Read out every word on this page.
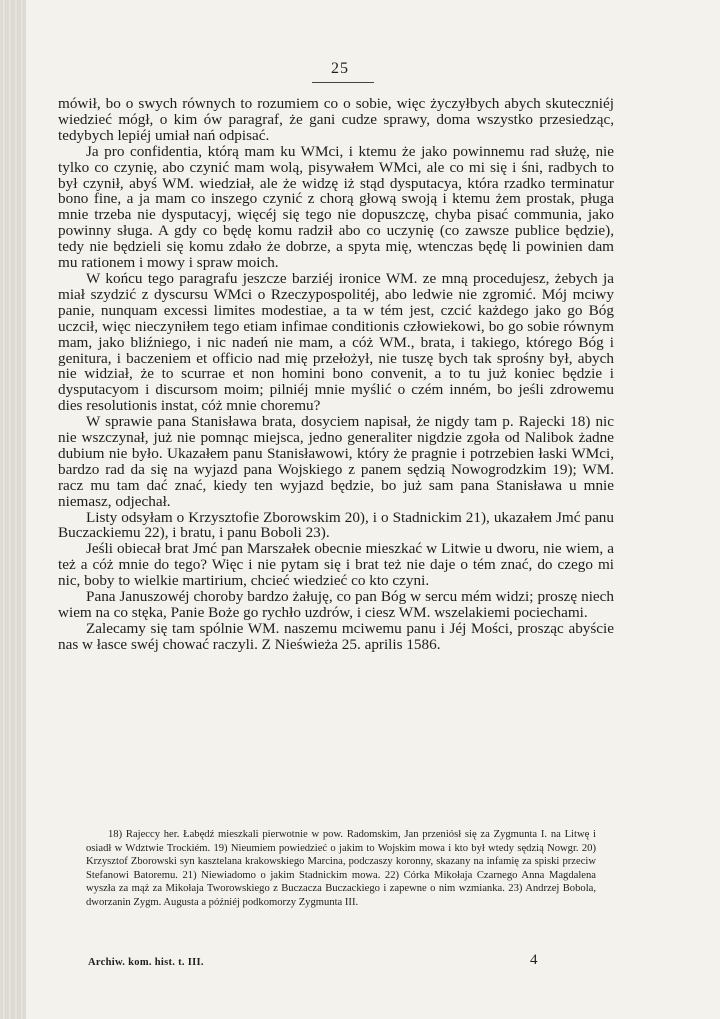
25

mówił, bo o swych równych to rozumiem co o sobie, więc życzyłbych abych skuteczniéj wiedzieć mógł, o kim ów paragraf, że gani cudze sprawy, doma wszystko przesiedząc, tedybych lepiéj umiał nań odpisać.

Ja pro confidentia, którą mam ku WMci, i ktemu że jako powinnemu rad służę, nie tylko co czynię, abo czynić mam wolą, pisywałem WMci, ale co mi się i śni, radbych to był czynił, abyś WM. wiedział, ale że widzę iż stąd dysputacya, która rzadko terminatur bono fine, a ja mam co inszego czynić z chorą głową swoją i ktemu żem prostak, pługa mnie trzeba nie dysputacyj, więcéj się tego nie dopuszczę, chyba pisać communia, jako powinny sługa. A gdy co będę komu radził abo co uczynię (co zawsze publice będzie), tedy nie będzieli się komu zdało że dobrze, a spyta mię, wtenczas będę li powinien dam mu rationem i mowy i spraw moich.

W końcu tego paragrafu jeszcze barziéj ironice WM. ze mną procedujesz, żebych ja miał szydzić z dyscursu WMci o Rzeczypospolitéj, abo ledwie nie zgromić. Mój mciwy panie, nunquam excessi limites modestiae, a ta w tém jest, czcić każdego jako go Bóg uczcił, więc nieczyniłem tego etiam infimae conditionis człowiekowi, bo go sobie równym mam, jako bliźniego, i nic nadeń nie mam, a cóż WM., brata, i takiego, którego Bóg i genitura, i baczeniem et officio nad mię przełożył, nie tuszę bych tak sprośny był, abych nie widział, że to scurrae et non homini bono convenit, a to tu już koniec będzie i dysputacyom i discursom moim; pilniéj mnie myślić o czém inném, bo jeśli zdrowemu dies resolutionis instat, cóż mnie choremu?

W sprawie pana Stanisława brata, dosyciem napisał, że nigdy tam p. Rajecki 18) nic nie wszczynał, już nie pomnąc miejsca, jedno generaliter nigdzie zgoła od Nalibok żadne dubium nie było. Ukazałem panu Stanisławowi, który że pragnie i potrzebien łaski WMci, bardzo rad da się na wyjazd pana Wojskiego z panem sędzią Nowogrodzkim 19); WM. racz mu tam dać znać, kiedy ten wyjazd będzie, bo już sam pana Stanisława u mnie niemasz, odjechał.

Listy odsyłam o Krzysztofie Zborowskim 20), i o Stadnickim 21), ukazałem Jmć panu Buczackiemu 22), i bratu, i panu Boboli 23).

Jeśli obiecał brat Jmć pan Marszałek obecnie mieszkać w Litwie u dworu, nie wiem, a też a cóż mnie do tego? Więc i nie pytam się i brat też nie daje o tém znać, do czego mi nic, boby to wielkie martirium, chcieć wiedzieć co kto czyni.

Pana Januszowéj choroby bardzo żałuję, co pan Bóg w sercu mém widzi; proszę niech wiem na co stęka, Panie Boże go rychło uzdrów, i ciesz WM. wszelakiemi pociechami.

Zalecamy się tam spólnie WM. naszemu mciwemu panu i Jéj Mości, prosząc abyście nas w łasce swéj chować raczyli. Z Nieświeża 25. aprilis 1586.

18) Rajeccy her. Łabędź mieszkali pierwotnie w pow. Radomskim, Jan przeniósł się za Zygmunta I. na Litwę i osiadł w Wdztwie Trockiém. 19) Nieumiem powiedzieć o jakim to Wojskim mowa i kto był wtedy sędzią Nowgr. 20) Krzysztof Zborowski syn kasztelana krakowskiego Marcina, podczaszy koronny, skazany na infamię za spiski przeciw Stefanowi Batoremu. 21) Niewiadomo o jakim Stadnickim mowa. 22) Córka Mikołaja Czarnego Anna Magdalena wyszła za mąż za Mikołaja Tworowskiego z Buczacza Buczackiego i zapewne o nim wzmianka. 23) Andrzej Bobola, dworzanin Zygm. Augusta a późniéj podkomorzy Zygmunta III.

Archiw. kom. hist. t. III.	4
